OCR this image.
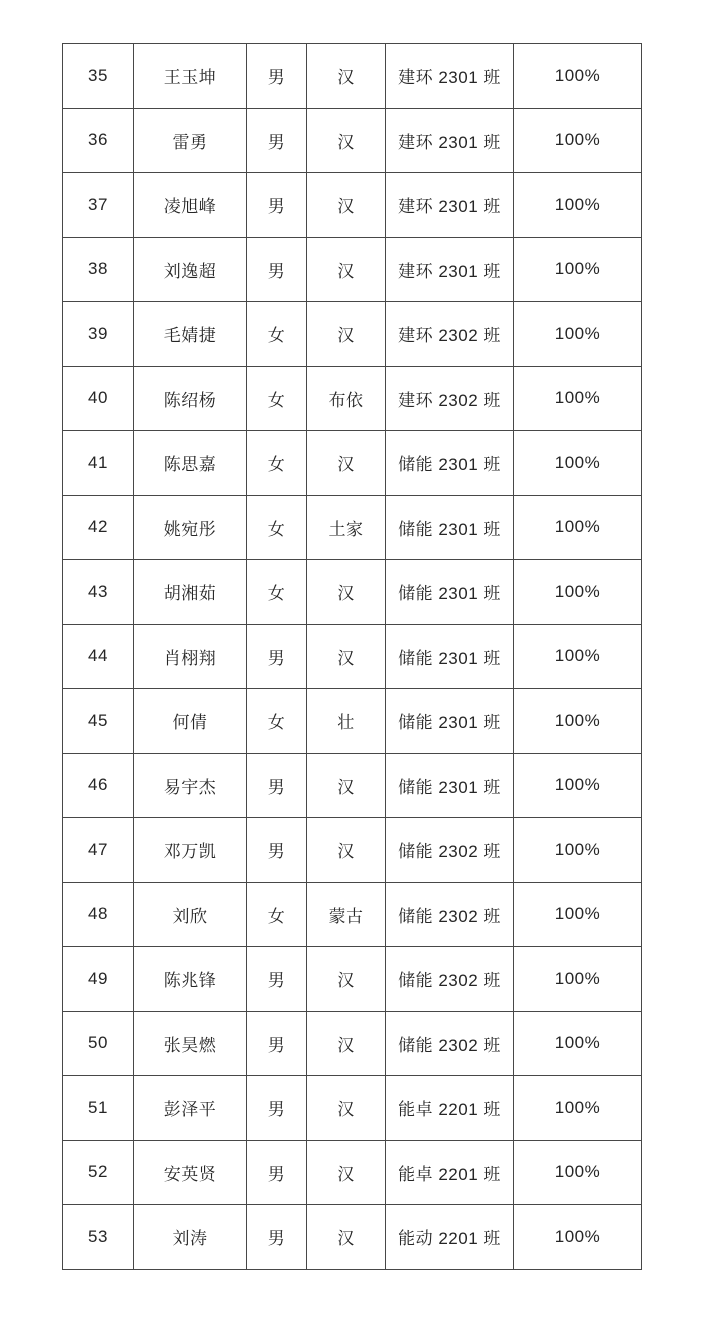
35	王玉坤	男	汉	建环 2301 班	100%
36	雷勇	男	汉	建环 2301 班	100%
37	凌旭峰	男	汉	建环 2301 班	100%
38	刘逸超	男	汉	建环 2301 班	100%
39	毛婧捷	女	汉	建环 2302 班	100%
40	陈绍杨	女	布依	建环 2302 班	100%
41	陈思嘉	女	汉	储能 2301 班	100%
42	姚宛彤	女	土家	储能 2301 班	100%
43	胡湘茹	女	汉	储能 2301 班	100%
44	肖栩翔	男	汉	储能 2301 班	100%
45	何倩	女	壮	储能 2301 班	100%
46	易宇杰	男	汉	储能 2301 班	100%
47	邓万凯	男	汉	储能 2302 班	100%
48	刘欣	女	蒙古	储能 2302 班	100%
49	陈兆锋	男	汉	储能 2302 班	100%
50	张昊燃	男	汉	储能 2302 班	100%
51	彭泽平	男	汉	能卓 2201 班	100%
52	安英贤	男	汉	能卓 2201 班	100%
53	刘涛	男	汉	能动 2201 班	100%
